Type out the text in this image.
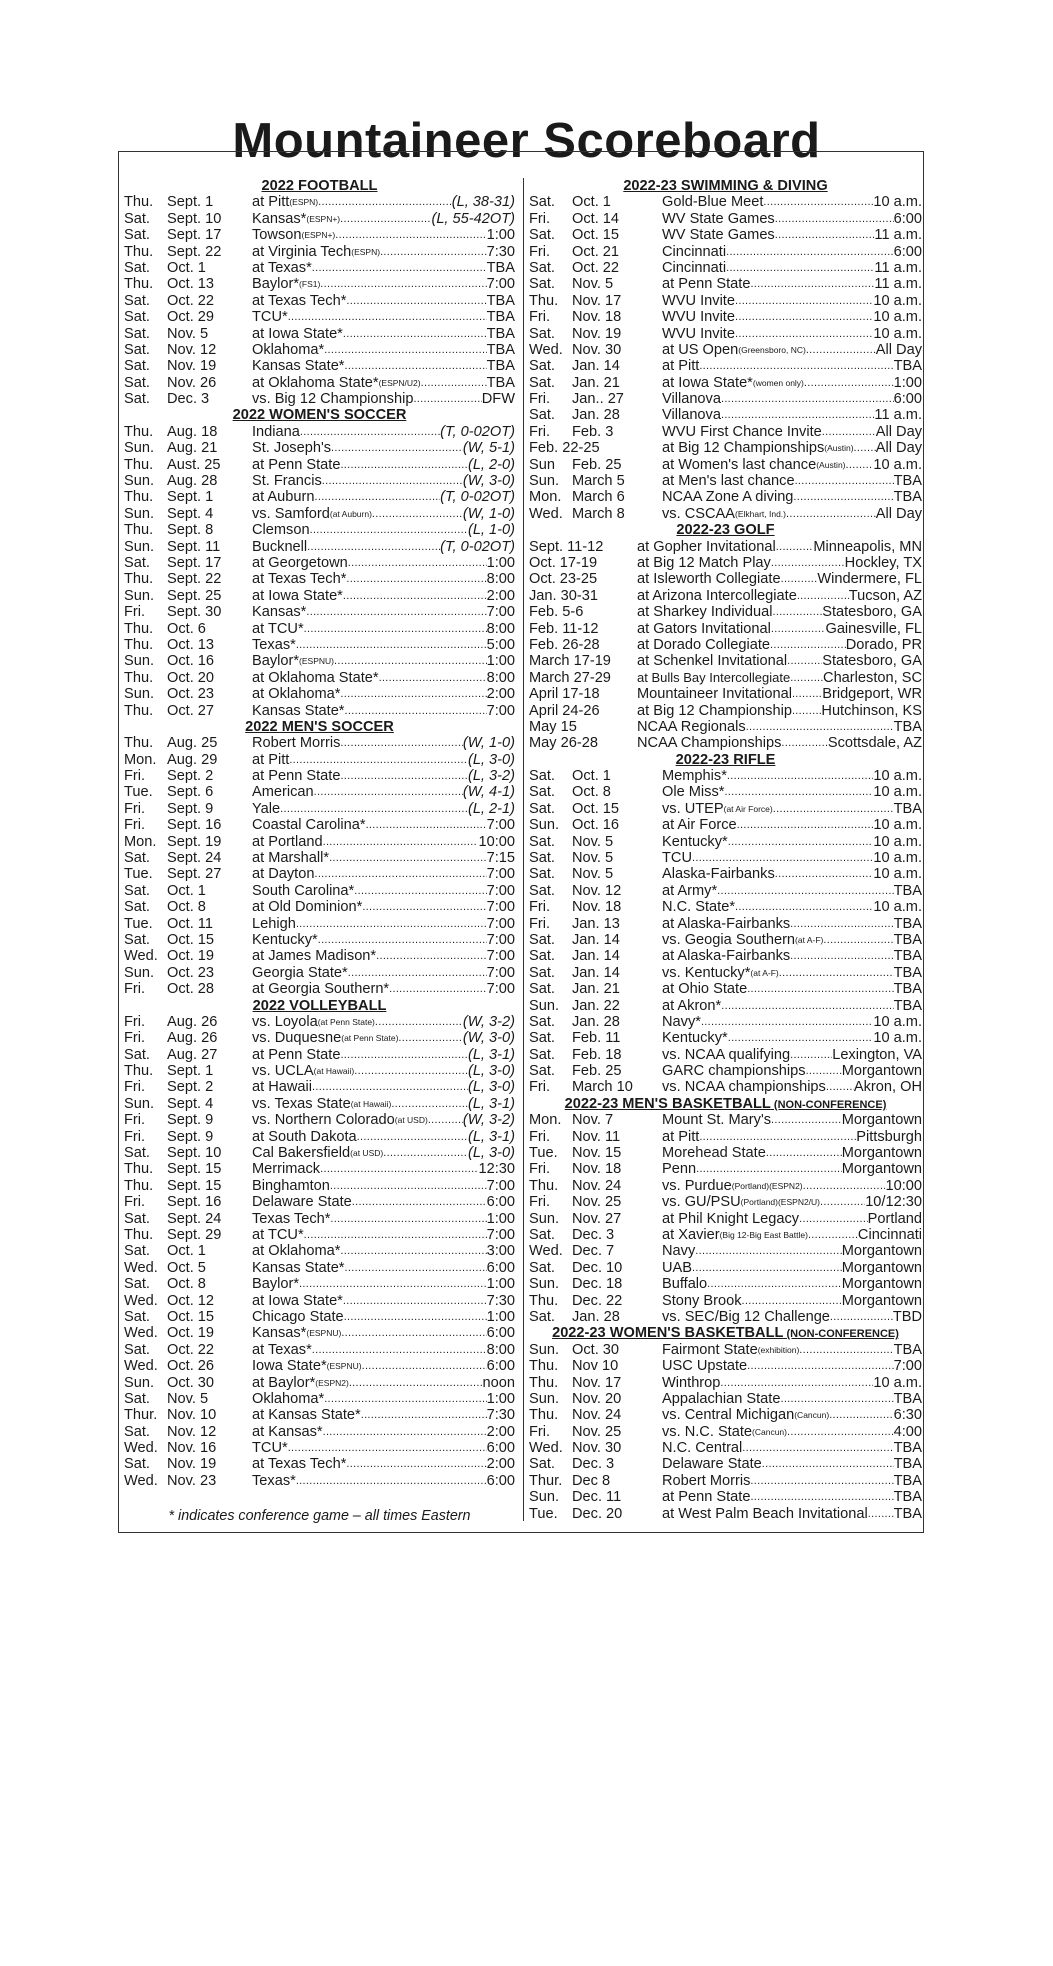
Mountaineer Scoreboard
2022 FOOTBALL
Thu. Sept. 1	at Pitt (ESPN) .....	(L, 38-31)
Sat.	Sept. 10	Kansas* (ESPN+) .....	(L, 55-42OT)
Sat.	Sept. 17	Towson (ESPN+) .....	1:00
Thu. Sept. 22	at Virginia Tech (ESPN) .....	7:30
Sat.	Oct. 1	at Texas* .....	TBA
Thu. Oct. 13	Baylor* (FS1) .....	7:00
Sat.	Oct. 22	at Texas Tech* .....	TBA
Sat.	Oct. 29	TCU* .....	TBA
Sat.	Nov. 5	at Iowa State* .....	TBA
Sat.	Nov. 12	Oklahoma* .....	TBA
Sat.	Nov. 19	Kansas State* .....	TBA
Sat.	Nov. 26	at Oklahoma State* (ESPN/U2) .....	TBA
Sat.	Dec. 3	vs. Big 12 Championship .....	DFW
2022 WOMEN'S SOCCER
Thu. Aug. 18	Indiana .....	(T, 0-02OT)
Sun. Aug. 21	St. Joseph's .....	(W, 5-1)
Thu. Aust. 25	at Penn State .....	(L, 2-0)
Sun. Aug. 28	St. Francis .....	(W, 3-0)
Thu. Sept. 1	at Auburn .....	(T, 0-02OT)
Sun. Sept. 4	vs. Samford (at Auburn) .....	(W, 1-0)
Thu. Sept. 8	Clemson .....	(L, 1-0)
Sun. Sept. 11	Bucknell .....	(T, 0-02OT)
Sat.	Sept. 17	at Georgetown .....	1:00
Thu. Sept. 22	at Texas Tech* .....	8:00
Sun. Sept. 25	at Iowa State* .....	2:00
Fri.	Sept. 30	Kansas* .....	7:00
Thu. Oct. 6	at TCU* .....	8:00
Thu. Oct. 13	Texas* .....	5:00
Sun. Oct. 16	Baylor* (ESPNU) .....	1:00
Thu. Oct. 20	at Oklahoma State* .....	8:00
Sun. Oct. 23	at Oklahoma* .....	2:00
Thu. Oct. 27	Kansas State* .....	7:00
2022 MEN'S SOCCER
Thu. Aug. 25	Robert Morris .....	(W, 1-0)
Mon. Aug. 29	at Pitt .....	(L, 3-0)
Fri.	Sept. 2	at Penn State .....	(L, 3-2)
Tue. Sept. 6	American .....	(W, 4-1)
Fri.	Sept. 9	Yale .....	(L, 2-1)
Fri.	Sept. 16	Coastal Carolina* .....	7:00
Mon. Sept. 19	at Portland .....	10:00
Sat.	Sept. 24	at Marshall* .....	7:15
Tue. Sept. 27	at Dayton .....	7:00
Sat.	Oct. 1	South Carolina* .....	7:00
Sat.	Oct. 8	at Old Dominion* .....	7:00
Tue. Oct. 11	Lehigh .....	7:00
Sat.	Oct. 15	Kentucky* .....	7:00
Wed. Oct. 19	at James Madison* .....	7:00
Sun. Oct. 23	Georgia State* .....	7:00
Fri.	Oct. 28	at Georgia Southern* .....	7:00
2022 VOLLEYBALL
Fri.	Aug. 26	vs. Loyola (at Penn State) .....	(W, 3-2)
Fri.	Aug. 26	vs. Duquesne (at Penn State) .....	(W, 3-0)
Sat.	Aug. 27	at Penn State .....	(L, 3-1)
Thu. Sept. 1	vs. UCLA (at Hawaii) .....	(L, 3-0)
Fri.	Sept. 2	at Hawaii .....	(L, 3-0)
Sun. Sept. 4	vs. Texas State (at Hawaii) .....	(L, 3-1)
Fri.	Sept. 9	vs. Northern Colorado (at USD) ..... (W, 3-2)
Fri.	Sept. 9	at South Dakota .....	(L, 3-1)
Sat.	Sept. 10	Cal Bakersfield (at USD) .....	(L, 3-0)
Thu. Sept. 15	Merrimack .....	12:30
Thu. Sept. 15	Binghamton .....	7:00
Fri.	Sept. 16	Delaware State .....	6:00
Sat.	Sept. 24	Texas Tech* .....	1:00
Thu. Sept. 29	at TCU* .....	7:00
Sat.	Oct. 1	at Oklahoma* .....	3:00
Wed. Oct. 5	Kansas State* .....	6:00
Sat.	Oct. 8	Baylor* .....	1:00
Wed. Oct. 12	at Iowa State* .....	7:30
Sat.	Oct. 15	Chicago State .....	1:00
Wed. Oct. 19	Kansas* (ESPNU) .....	6:00
Sat.	Oct. 22	at Texas* .....	8:00
Wed. Oct. 26	Iowa State* (ESPNU) .....	6:00
Sun. Oct. 30	at Baylor* (ESPN2) .....	noon
Sat.	Nov. 5	Oklahoma* .....	1:00
Thur. Nov. 10	at Kansas State* .....	7:30
Sat.	Nov. 12	at Kansas* .....	2:00
Wed. Nov. 16	TCU* .....	6:00
Sat.	Nov. 19	at Texas Tech* .....	2:00
Wed. Nov. 23	Texas* .....	6:00
2022-23 SWIMMING & DIVING
Sat.	Oct. 1	Gold-Blue Meet .....	10 a.m.
Fri.	Oct. 14	WV State Games .....	6:00
Sat.	Oct. 15	WV State Games .....	11 a.m.
Fri.	Oct. 21	Cincinnati .....	6:00
Sat.	Oct. 22	Cincinnati .....	11 a.m.
Sat.	Nov. 5	at Penn State .....	11 a.m.
Thu. Nov. 17	WVU Invite .....	10 a.m.
Fri.	Nov. 18	WVU Invite .....	10 a.m.
Sat.	Nov. 19	WVU Invite .....	10 a.m.
Wed. Nov. 30	at US Open (Greensboro, NC) .....	All Day
Sat.	Jan. 14	at Pitt .....	TBA
Sat.	Jan. 21	at Iowa State* (women only) .....	1:00
Fri.	Jan.. 27	Villanova .....	6:00
Sat.	Jan. 28	Villanova .....	11 a.m.
Fri.	Feb. 3	WVU First Chance Invite .....	All Day
Feb. 22-25	at Big 12 Championships (Austin) ..... All Day
Sun	Feb. 25	at Women's last chance (Austin) ..... 10 a.m.
Sun. March 5	at Men's last chance .....	TBA
Mon. March 6	NCAA Zone A diving .....	TBA
Wed. March 8	vs. CSCAA (Elkhart, Ind.) .....	All Day
2022-23 GOLF
Sept. 11-12	at Gopher Invitational .....	Minneapolis, MN
Oct. 17-19	at Big 12 Match Play .....	Hockley, TX
Oct. 23-25	at Isleworth Collegiate .....	Windermere, FL
Jan. 30-31	at Arizona Intercollegiate .....	Tucson, AZ
Feb. 5-6	at Sharkey Individual .....	Statesboro, GA
Feb. 11-12	at Gators Invitational .....	Gainesville, FL
Feb. 26-28	at Dorado Collegiate .....	Dorado, PR
March 17-19	at Schenkel Invitational ..... Statesboro, GA
March 27-29	at Bulls Bay Intercollegiate ..... Charleston, SC
April 17-18	Mountaineer Invitational ..... Bridgeport, WR
April 24-26	at Big 12 Championship ..... Hutchinson, KS
May 15	NCAA Regionals .....	TBA
May 26-28	NCAA Championships .....	Scottsdale, AZ
2022-23 RIFLE
Sat.	Oct. 1	Memphis* .....	10 a.m.
Sat.	Oct. 8	Ole Miss* .....	10 a.m.
Sat.	Oct. 15	vs. UTEP (at Air Force) .....	TBA
Sun. Oct. 16	at Air Force .....	10 a.m.
Sat.	Nov. 5	Kentucky* .....	10 a.m.
Sat.	Nov. 5	TCU .....	10 a.m.
Sat.	Nov. 5	Alaska-Fairbanks .....	10 a.m.
Sat.	Nov. 12	at Army* .....	TBA
Fri.	Nov. 18	N.C. State* .....	10 a.m.
Fri.	Jan. 13	at Alaska-Fairbanks .....	TBA
Sat.	Jan. 14	vs. Geogia Southern (at A-F) .....	TBA
Sat.	Jan. 14	at Alaska-Fairbanks .....	TBA
Sat.	Jan. 14	vs. Kentucky* (at A-F) .....	TBA
Sat.	Jan. 21	at Ohio State .....	TBA
Sun. Jan. 22	at Akron* .....	TBA
Sat.	Jan. 28	Navy* .....	10 a.m.
Sat.	Feb. 11	Kentucky* .....	10 a.m.
Sat.	Feb. 18	vs. NCAA qualifying .....	Lexington, VA
Sat.	Feb. 25	GARC championships ..... Morgantown
Fri.	March 10	vs. NCAA championships ..... Akron, OH
2022-23 MEN'S BASKETBALL (NON-CONFERENCE)
Mon. Nov. 7	Mount St. Mary's .....	Morgantown
Fri.	Nov. 11	at Pitt .....	Pittsburgh
Tue. Nov. 15	Morehead State .....	Morgantown
Fri.	Nov. 18	Penn .....	Morgantown
Thu. Nov. 24	vs. Purdue (Portland)(ESPN2) .....	10:00
Fri.	Nov. 25	vs. GU/PSU (Portland)(ESPN2/U) .....	10/12:30
Sun. Nov. 27	at Phil Knight Legacy .....	Portland
Sat.	Dec. 3	at Xavier (Big 12-Big East Battle) .....	Cincinnati
Wed. Dec. 7	Navy .....	Morgantown
Sat.	Dec. 10	UAB .....	Morgantown
Sun. Dec. 18	Buffalo .....	Morgantown
Thu. Dec. 22	Stony Brook .....	Morgantown
Sat.	Jan. 28	vs. SEC/Big 12 Challenge .....	TBD
2022-23 WOMEN'S BASKETBALL (NON-CONFERENCE)
Sun. Oct. 30	Fairmont State (exhibition) .....	TBA
Thu. Nov 10	USC Upstate .....	7:00
Thu. Nov. 17	Winthrop .....	10 a.m.
Sun. Nov. 20	Appalachian State .....	TBA
Thu. Nov. 24	vs. Central Michigan (Cancun) .....	6:30
Fri.	Nov. 25	vs. N.C. State (Cancun) .....	4:00
Wed. Nov. 30	N.C. Central .....	TBA
Sat.	Dec. 3	Delaware State .....	TBA
Thur. Dec 8	Robert Morris .....	TBA
Sun. Dec. 11	at Penn State .....	TBA
Tue. Dec. 20	at West Palm Beach Invitational ..... TBA
* indicates conference game – all times Eastern
